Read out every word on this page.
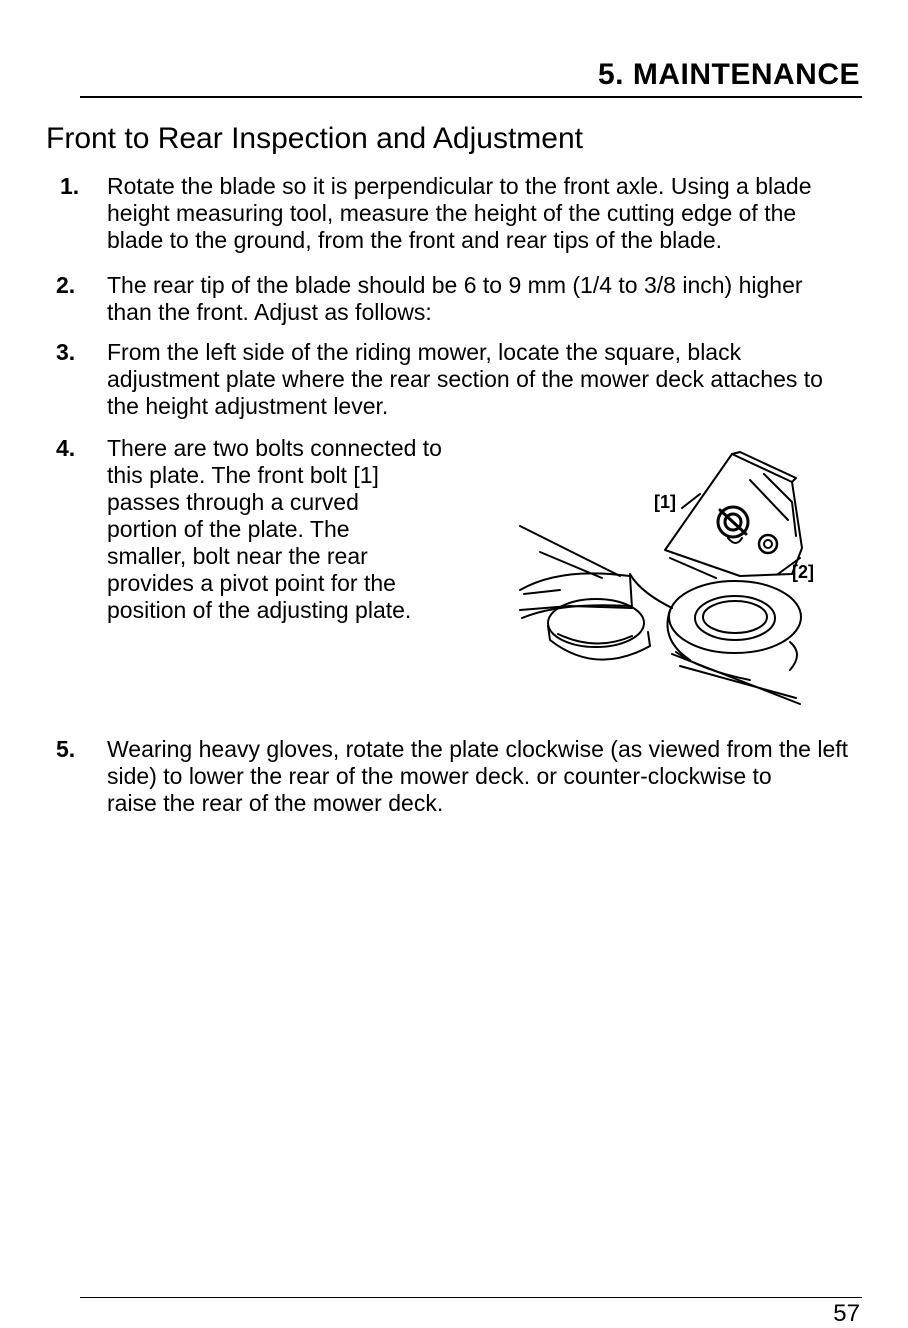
5. MAINTENANCE
Front to Rear Inspection and Adjustment
1. Rotate the blade so it is perpendicular to the front axle. Using a blade
height measuring tool, measure the height of the cutting edge of the
blade to the ground, from the front and rear tips of the blade.
2. The rear tip of the blade should be 6 to 9 mm (1/4 to 3/8 inch) higher
than the front. Adjust as follows:
3. From the left side of the riding mower, locate the square, black
adjustment plate where the rear section of the mower deck attaches to
the height adjustment lever.
4. There are two bolts connected to
this plate. The front bolt [1]
passes through a curved
portion of the plate. The
smaller, bolt near the rear
provides a pivot point for the
position of the adjusting plate.
[1]
[2]
5. Wearing heavy gloves, rotate the plate clockwise (as viewed from the left
side) to lower the rear of the mower deck. or counter-clockwise to
raise the rear of the mower deck.
57
